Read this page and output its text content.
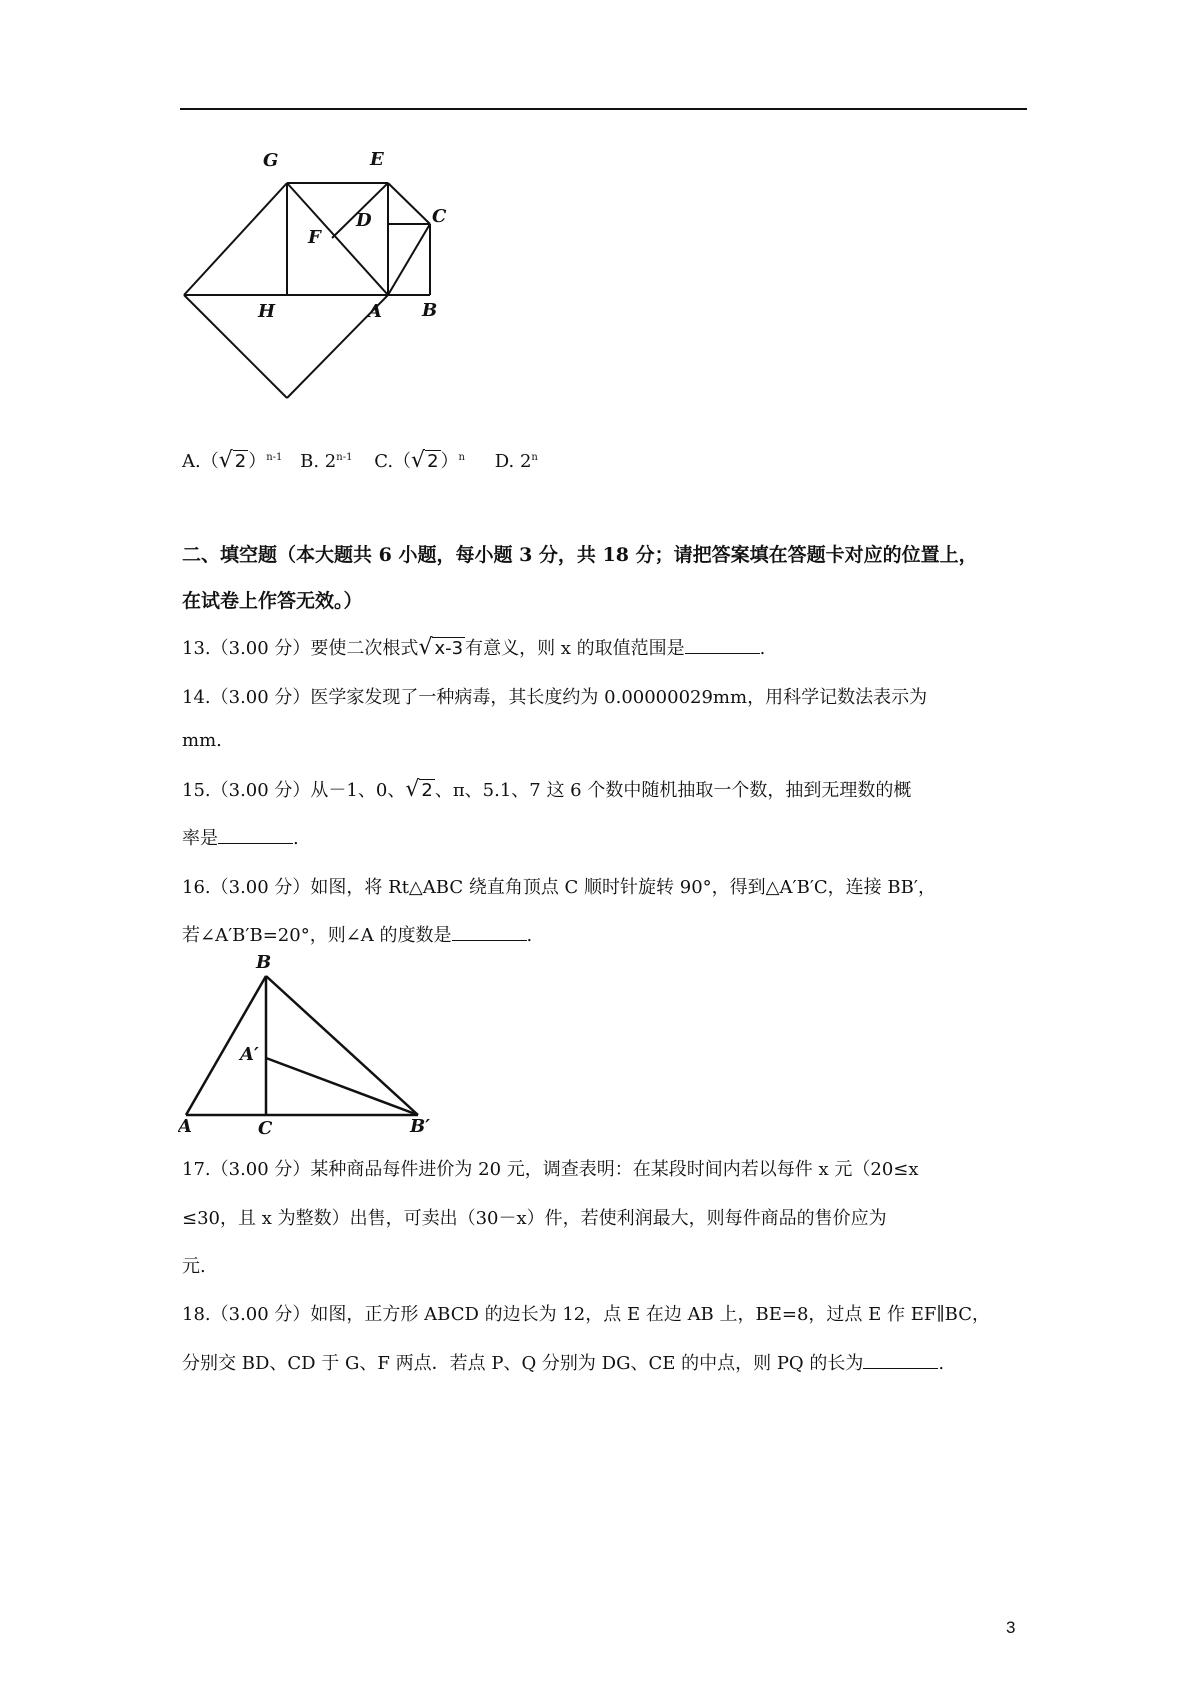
G	E
D	C
F
H	A B
A.（ √ 2 ）$^{n-1}$ B. 2$^{n-1}$ C.（ √ 2 ）$^n$ D. 2$^n$
二、填空题（本大题共 6 小题，每小题 3 分，共 18 分；请把答案填在答题卡对应的位置上，
在试卷上作答无效。）
13.（3.00 分）要使二次根式 √ x-3 有意义，则 x 的取值范围是	.
14.（3.00 分）医学家发现了一种病毒，其长度约为 0.00000029mm，用科学记数法表示为
mm.
15.（3.00 分）从－1、0、 √ 2 、π、5.1、7 这 6 个数中随机抽取一个数，抽到无理数的概
率是	.
16.（3.00 分）如图，将 Rt△ABC 绕直角顶点 C 顺时针旋转 90°，得到△A′B′C，连接 BB′，
若∠A′B′B=20°，则∠A 的度数是	.
B
A′
A	C	B′
17.（3.00 分）某种商品每件进价为 20 元，调查表明：在某段时间内若以每件 x 元（20≤x
≤30，且 x 为整数）出售，可卖出（30－x）件，若使利润最大，则每件商品的售价应为
元.
18.（3.00 分）如图，正方形 ABCD 的边长为 12，点 E 在边 AB 上，BE=8，过点 E 作 EF∥BC，
分别交 BD、CD 于 G、F 两点．若点 P、Q 分别为 DG、CE 的中点，则 PQ 的长为	.
3
